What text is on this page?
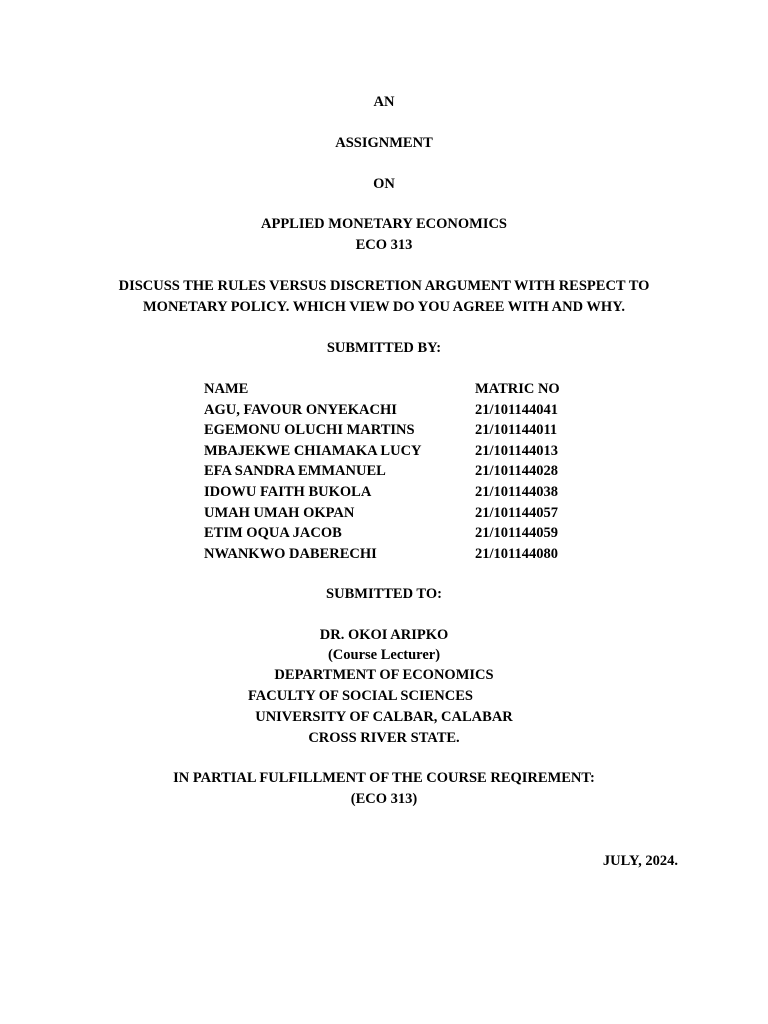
AN
ASSIGNMENT
ON
APPLIED MONETARY ECONOMICS
ECO 313
DISCUSS THE RULES VERSUS DISCRETION ARGUMENT WITH RESPECT TO
MONETARY POLICY. WHICH VIEW DO YOU AGREE WITH AND WHY.
SUBMITTED BY:
NAME	MATRIC NO
AGU, FAVOUR ONYEKACHI	21/101144041
EGEMONU OLUCHI MARTINS	21/101144011
MBAJEKWE CHIAMAKA LUCY	21/101144013
EFA SANDRA EMMANUEL	21/101144028
IDOWU FAITH BUKOLA	21/101144038
UMAH UMAH OKPAN	21/101144057
ETIM OQUA JACOB	21/101144059
NWANKWO DABERECHI	21/101144080
SUBMITTED TO:
DR. OKOI ARIPKO
(Course Lecturer)
DEPARTMENT OF ECONOMICS
FACULTY OF SOCIAL SCIENCES
UNIVERSITY OF CALBAR, CALABAR
CROSS RIVER STATE.
IN PARTIAL FULFILLMENT OF THE COURSE REQIREMENT:
(ECO 313)
JULY, 2024.
